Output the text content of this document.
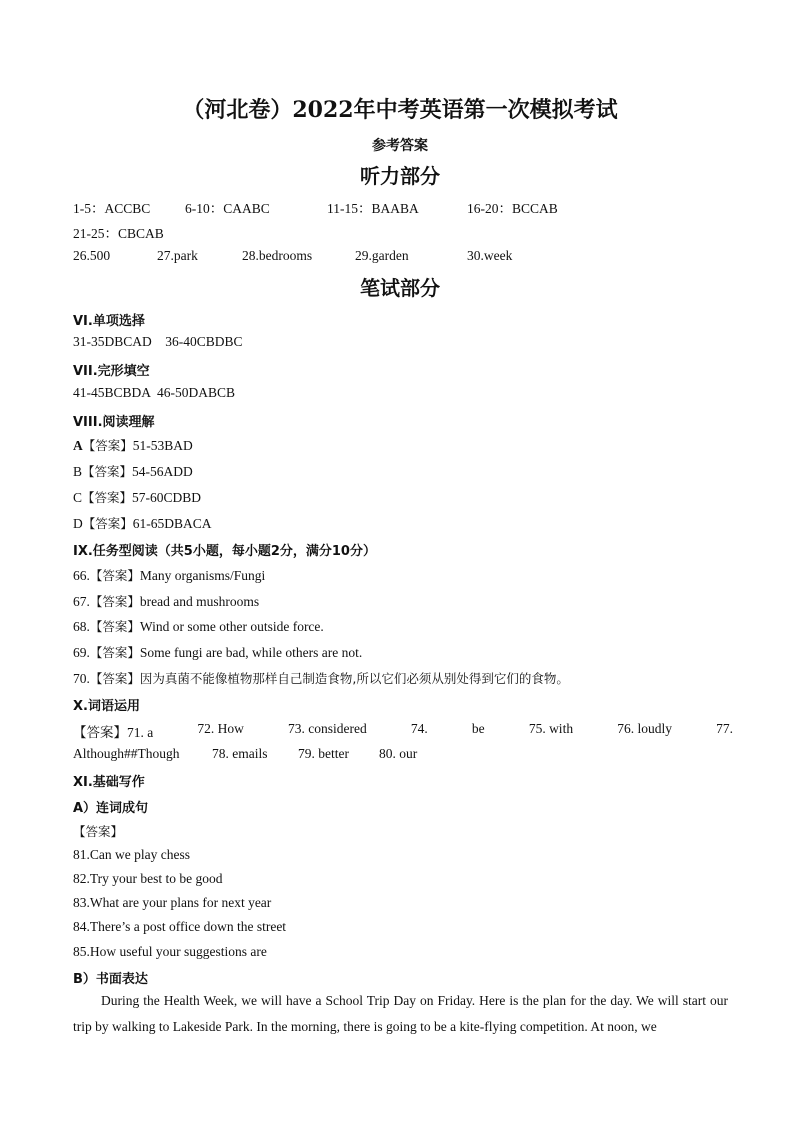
（河北卷）2022年中考英语第一次模拟考试
参考答案
听力部分
1-5：ACCBC	6-10：CAABC	11-15：BAABA	16-20：BCCAB
21-25：CBCAB
26.500	27.park	28.bedrooms	29.garden	30.week
笔试部分
VI.单项选择
31-35DBCAD    36-40CBDBC
VII.完形填空
41-45BCBDA  46-50DABCB
VIII.阅读理解
A【答案】51-53BAD
B【答案】54-56ADD
C【答案】57-60CDBD
D【答案】61-65DBACA
IX.任务型阅读（共5小题，每小题2分，满分10分）
66.【答案】Many organisms/Fungi
67.【答案】bread and mushrooms
68.【答案】Wind or some other outside force.
69.【答案】Some fungi are bad, while others are not.
70.【答案】因为真菌不能像植物那样自己制造食物,所以它们必须从别处得到它们的食物。
X.词语运用
【答案】71. a	72. How	73. considered	74.	be	75. with	76. loudly	77.
Although##Though 78. emails 79. better 80. our
XI.基础写作
A）连词成句
【答案】
81.Can we play chess
82.Try your best to be good
83.What are your plans for next year
84.There’s a post office down the street
85.How useful your suggestions are
B）书面表达
During the Health Week, we will have a School Trip Day on Friday. Here is the plan for the day. We will start our trip by walking to Lakeside Park. In the morning, there is going to be a kite-flying competition. At noon, we
